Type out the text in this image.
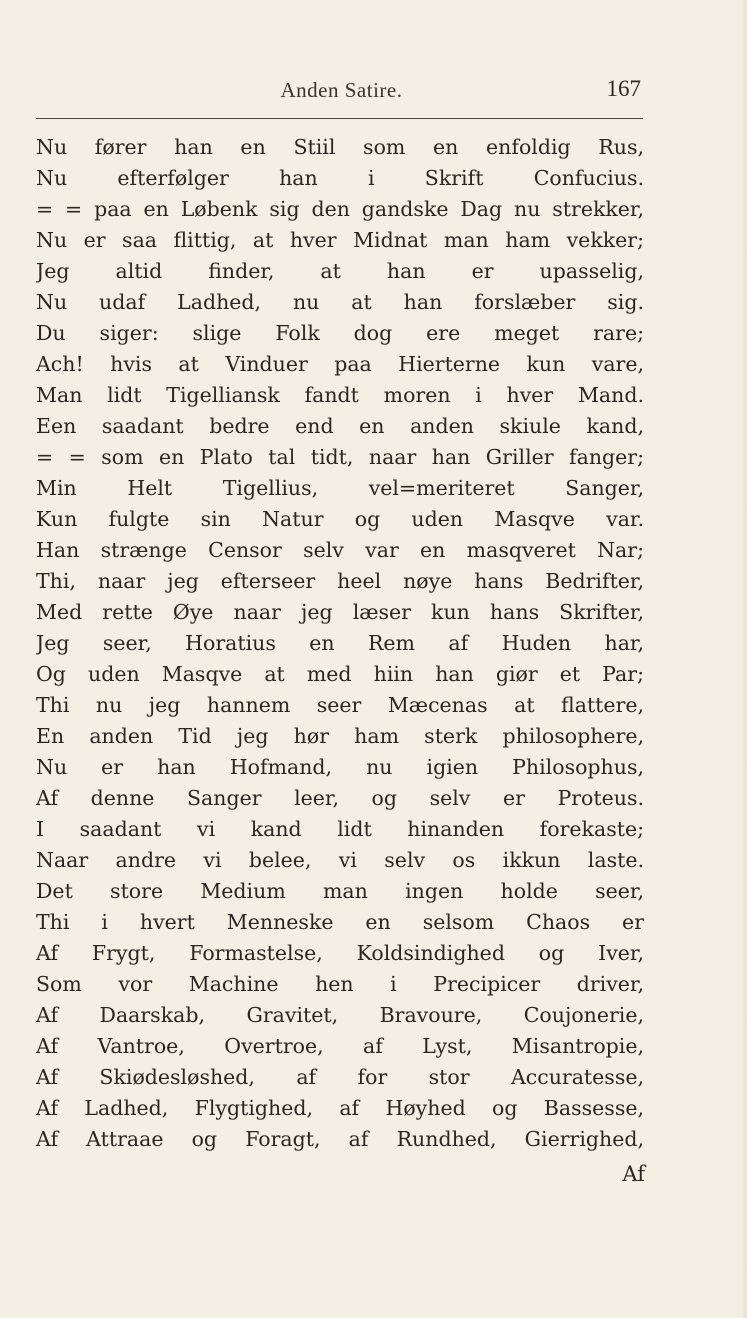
Anden Satire.	167
Nu fører han en Stiil som en enfoldig Rus,
Nu efterfølger han i Skrift Confucius.
= = paa en Løbenk sig den gandske Dag nu strekker,
Nu er saa flittig, at hver Midnat man ham vekker;
Jeg altid finder, at han er upasselig,
Nu udaf Ladhed, nu at han forslæber sig.
Du siger: slige Folk dog ere meget rare;
Ach! hvis at Vinduer paa Hierterne kun vare,
Man lidt Tigelliansk fandt moren i hver Mand.
Een saadant bedre end en anden skiule kand,
= = som en Plato tal tidt, naar han Griller fanger;
Min Helt Tigellius, vel=meriteret Sanger,
Kun fulgte sin Natur og uden Masqve var.
Han strænge Censor selv var en masqveret Nar;
Thi, naar jeg efterseer heel nøye hans Bedrifter,
Med rette Øye naar jeg læser kun hans Skrifter,
Jeg seer, Horatius en Rem af Huden har,
Og uden Masqve at med hiin han giør et Par;
Thi nu jeg hannem seer Mæcenas at flattere,
En anden Tid jeg hør ham sterk philosophere,
Nu er han Hofmand, nu igien Philosophus,
Af denne Sanger leer, og selv er Proteus.
I saadant vi kand lidt hinanden forekaste;
Naar andre vi belee, vi selv os ikkun laste.
Det store Medium man ingen holde seer,
Thi i hvert Menneske en selsom Chaos er
Af Frygt, Formastelse, Koldsindighed og Iver,
Som vor Machine hen i Precipicer driver,
Af Daarskab, Gravitet, Bravoure, Coujonerie,
Af Vantroe, Overtroe, af Lyst, Misantropie,
Af Skiødesløshed, af for stor Accuratesse,
Af Ladhed, Flygtighed, af Høyhed og Bassesse,
Af Attraae og Foragt, af Rundhed, Gierrighed,
Af
